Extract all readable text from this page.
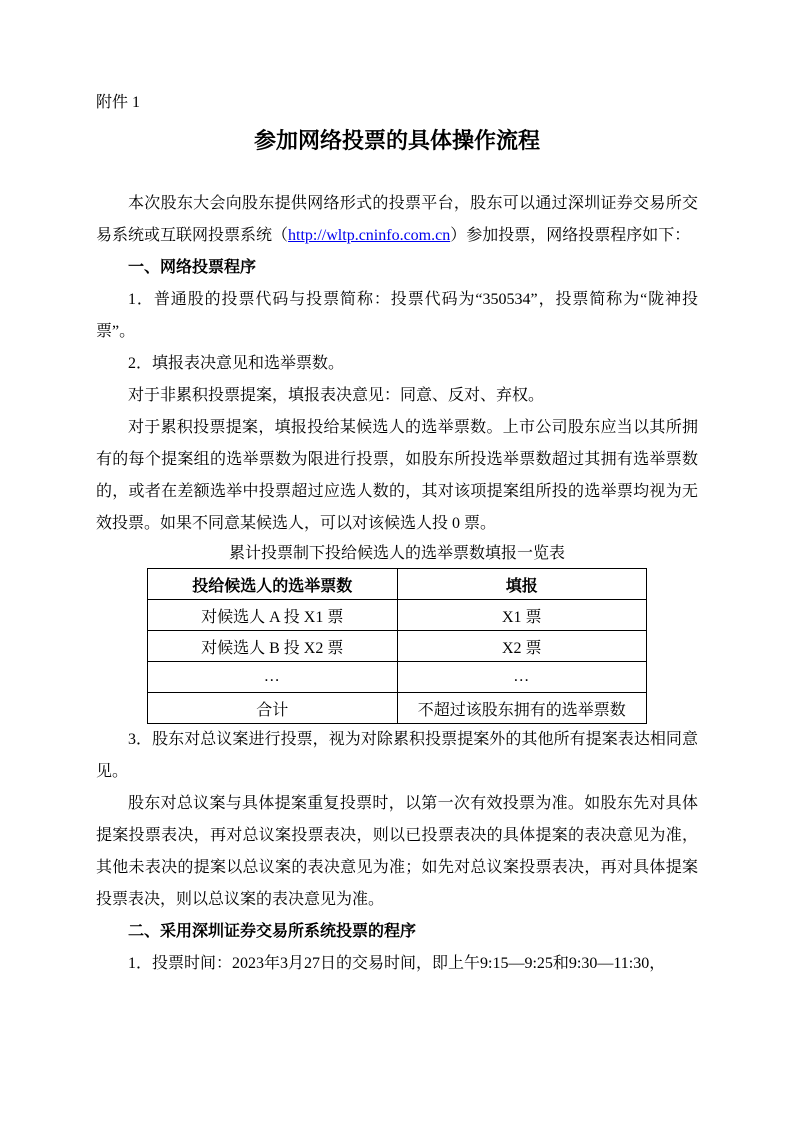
附件 1
参加网络投票的具体操作流程

本次股东大会向股东提供网络形式的投票平台，股东可以通过深圳证券交易所交易系统或互联网投票系统（http://wltp.cninfo.com.cn）参加投票，网络投票程序如下：

一、网络投票程序

1．普通股的投票代码与投票简称：投票代码为“350534”，投票简称为“陇神投票”。

2．填报表决意见和选举票数。

对于非累积投票提案，填报表决意见：同意、反对、弃权。

对于累积投票提案，填报投给某候选人的选举票数。上市公司股东应当以其所拥有的每个提案组的选举票数为限进行投票，如股东所投选举票数超过其拥有选举票数的，或者在差额选举中投票超过应选人数的，其对该项提案组所投的选举票均视为无效投票。如果不同意某候选人，可以对该候选人投 0 票。

累计投票制下投给候选人的选举票数填报一览表

投给候选人的选举票数	填报
对候选人 A 投 X1 票	X1 票
对候选人 B 投 X2 票	X2 票
…	…
合计	不超过该股东拥有的选举票数

3．股东对总议案进行投票，视为对除累积投票提案外的其他所有提案表达相同意见。

股东对总议案与具体提案重复投票时，以第一次有效投票为准。如股东先对具体提案投票表决，再对总议案投票表决，则以已投票表决的具体提案的表决意见为准，其他未表决的提案以总议案的表决意见为准；如先对总议案投票表决，再对具体提案投票表决，则以总议案的表决意见为准。

二、采用深圳证券交易所系统投票的程序

1．投票时间：2023年3月27日的交易时间，即上午9:15—9:25和9:30—11:30，
